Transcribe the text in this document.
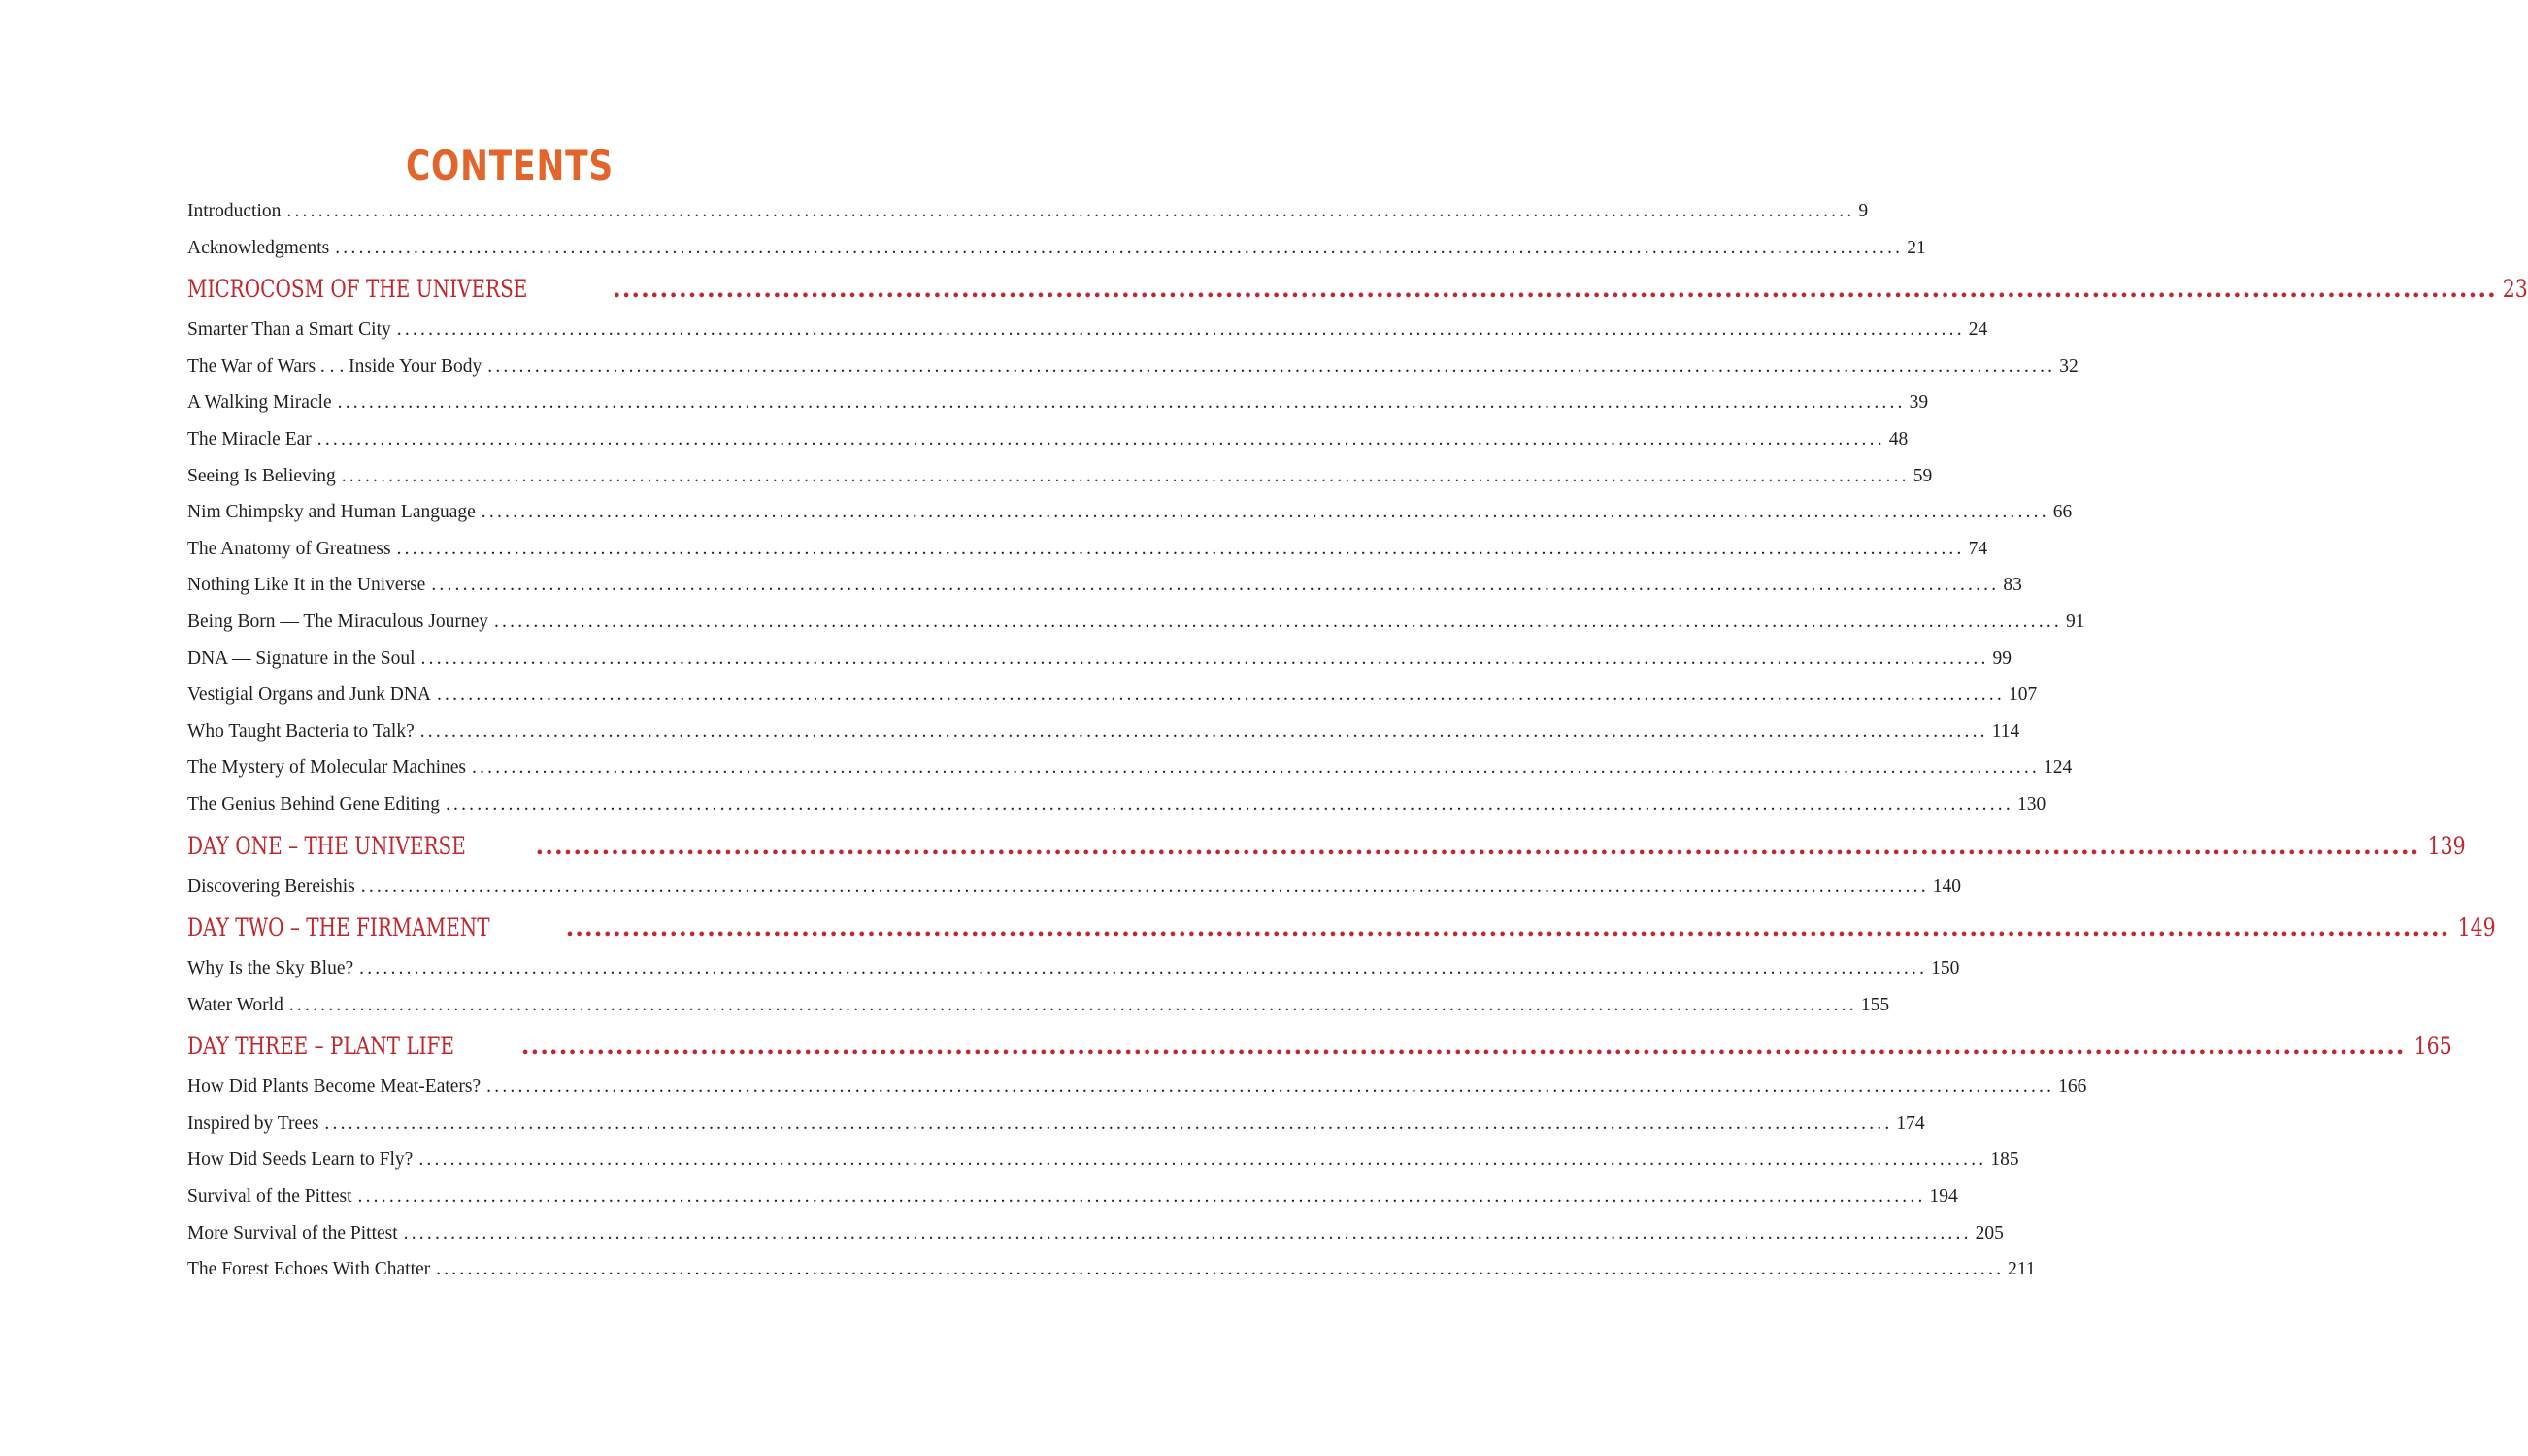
CONTENTS
Introduction ........................................................................................................................................................................................................ 9
Acknowledgments ........................................................................................................................................................................................................ 21
MICROCOSM OF THE UNIVERSE	........................................................................................................................................................................................................ 23
Smarter Than a Smart City ........................................................................................................................................................................................................ 24
The War of Wars . . . Inside Your Body ........................................................................................................................................................................................................ 32
A Walking Miracle ........................................................................................................................................................................................................ 39
The Miracle Ear ........................................................................................................................................................................................................ 48
Seeing Is Believing ........................................................................................................................................................................................................ 59
Nim Chimpsky and Human Language ........................................................................................................................................................................................................ 66
The Anatomy of Greatness ........................................................................................................................................................................................................ 74
Nothing Like It in the Universe ........................................................................................................................................................................................................ 83
Being Born — The Miraculous Journey ........................................................................................................................................................................................................ 91
DNA — Signature in the Soul ........................................................................................................................................................................................................ 99
Vestigial Organs and Junk DNA ........................................................................................................................................................................................................ 107
Who Taught Bacteria to Talk? ........................................................................................................................................................................................................ 114
The Mystery of Molecular Machines ........................................................................................................................................................................................................ 124
The Genius Behind Gene Editing ........................................................................................................................................................................................................ 130
DAY ONE – THE UNIVERSE	........................................................................................................................................................................................................ 139
Discovering Bereishis ........................................................................................................................................................................................................ 140
DAY TWO – THE FIRMAMENT	........................................................................................................................................................................................................ 149
Why Is the Sky Blue? ........................................................................................................................................................................................................ 150
Water World ........................................................................................................................................................................................................ 155
DAY THREE – PLANT LIFE	........................................................................................................................................................................................................ 165
How Did Plants Become Meat-Eaters? ........................................................................................................................................................................................................ 166
Inspired by Trees ........................................................................................................................................................................................................ 174
How Did Seeds Learn to Fly? ........................................................................................................................................................................................................ 185
Survival of the Pittest ........................................................................................................................................................................................................ 194
More Survival of the Pittest ........................................................................................................................................................................................................ 205
The Forest Echoes With Chatter ........................................................................................................................................................................................................ 211
